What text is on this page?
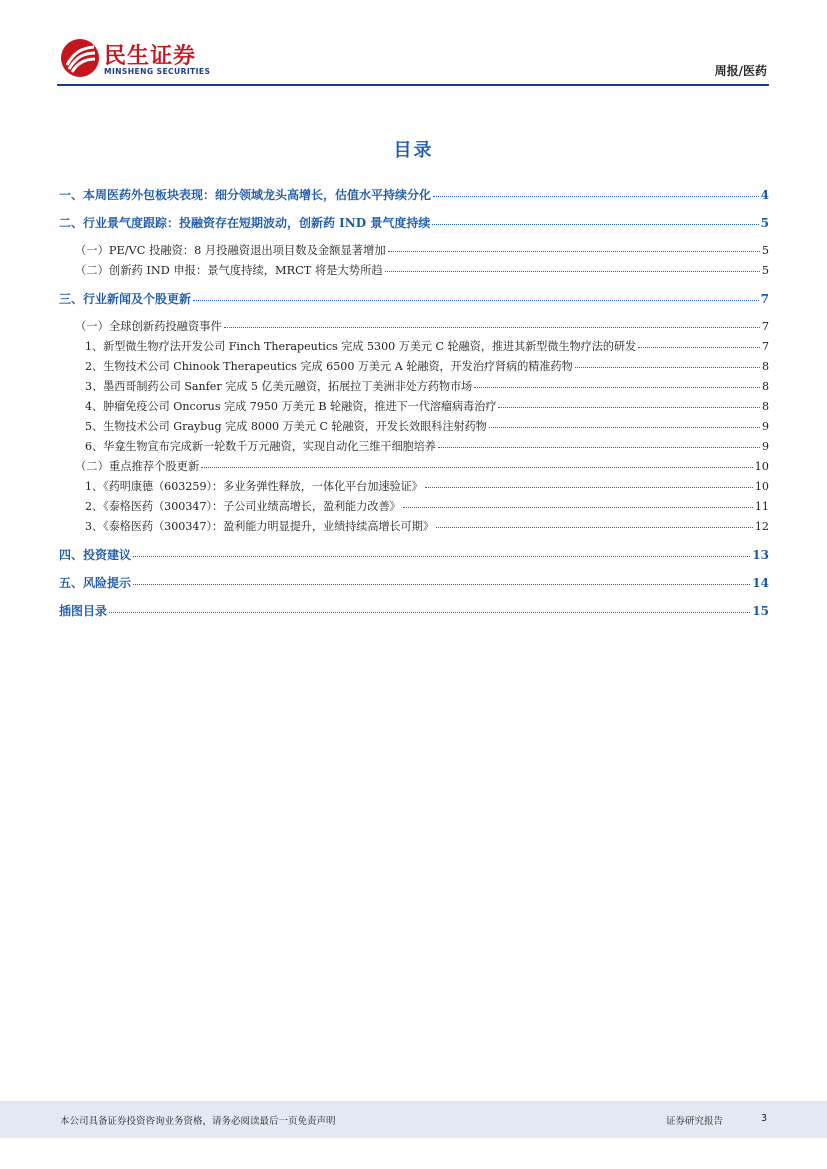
民生证券
MINSHENG SECURITIES	周报/医药
目录
一、本周医药外包板块表现：细分领域龙头高增长，估值水平持续分化	4
二、行业景气度跟踪：投融资存在短期波动，创新药 IND 景气度持续	5
（一）PE/VC 投融资：8 月投融资退出项目数及金额显著增加	5
（二）创新药 IND 申报：景气度持续，MRCT 将是大势所趋	5
三、行业新闻及个股更新	7
（一）全球创新药投融资事件	7
1、新型微生物疗法开发公司 Finch Therapeutics 完成 5300 万美元 C 轮融资，推进其新型微生物疗法的研发	7
2、生物技术公司 Chinook Therapeutics 完成 6500 万美元 A 轮融资，开发治疗肾病的精准药物	8
3、墨西哥制药公司 Sanfer 完成 5 亿美元融资，拓展拉丁美洲非处方药物市场	8
4、肿瘤免疫公司 Oncorus 完成 7950 万美元 B 轮融资，推进下一代溶瘤病毒治疗	8
5、生物技术公司 Graybug 完成 8000 万美元 C 轮融资，开发长效眼科注射药物	9
6、华龛生物宣布完成新一轮数千万元融资，实现自动化三维干细胞培养	9
（二）重点推荐个股更新	10
1、《药明康德（603259）：多业务弹性释放，一体化平台加速验证》	10
2、《泰格医药（300347）：子公司业绩高增长，盈利能力改善》	11
3、《泰格医药（300347）：盈利能力明显提升，业绩持续高增长可期》	12
四、投资建议	13
五、风险提示	14
插图目录	15
本公司具备证券投资咨询业务资格，请务必阅读最后一页免责声明	证券研究报告	3
